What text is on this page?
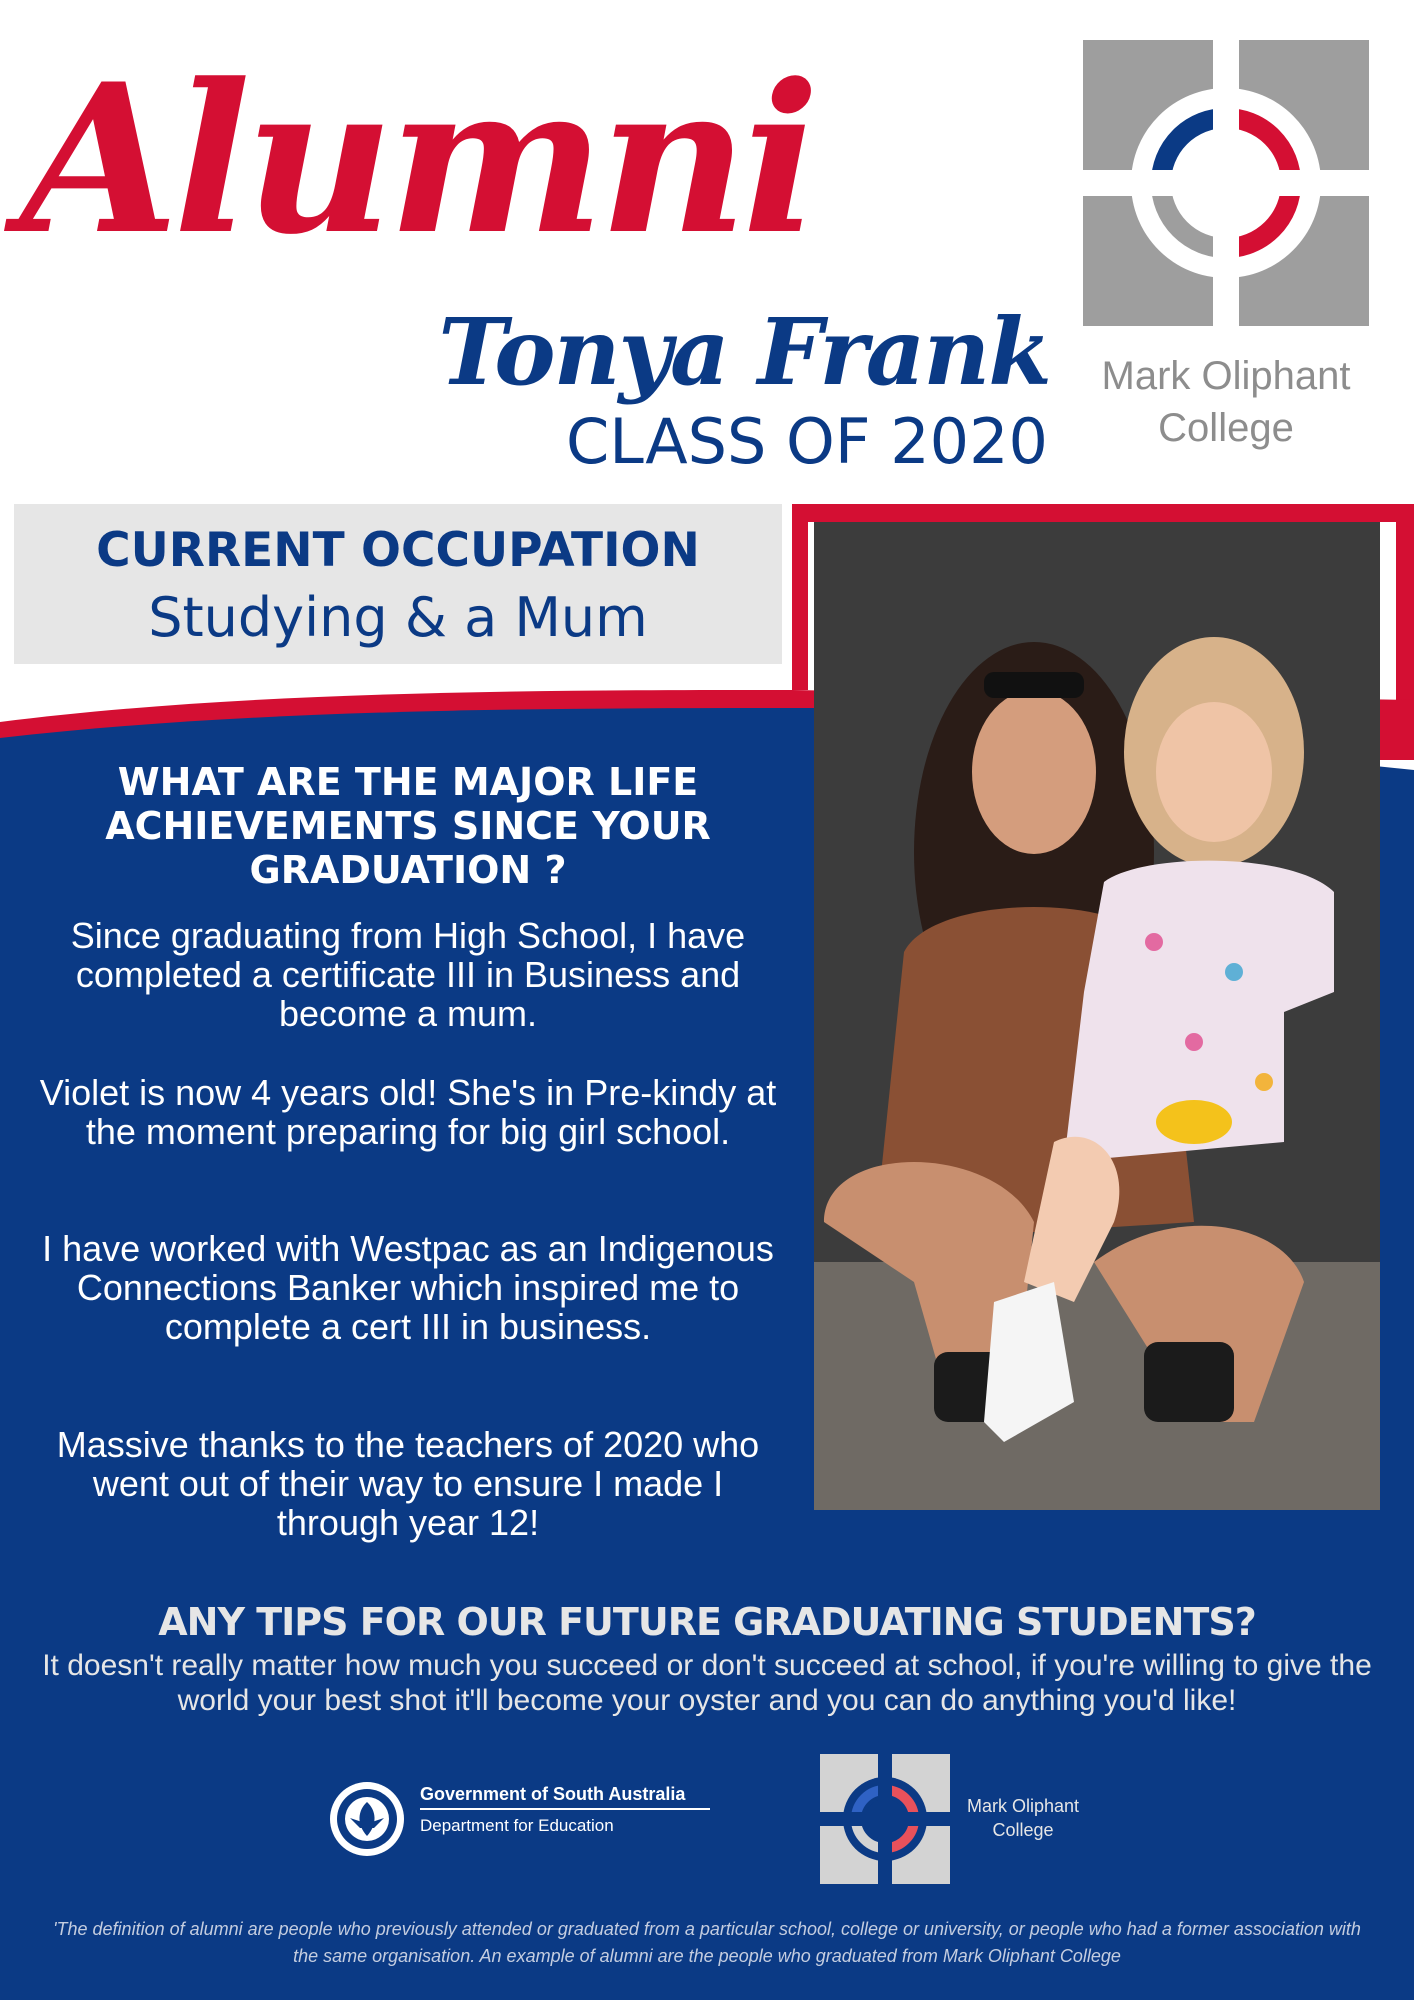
Alumni
Tonya Frank
CLASS OF 2020
Mark Oliphant College
CURRENT OCCUPATION
Studying & a Mum
WHAT ARE THE MAJOR LIFE ACHIEVEMENTS SINCE YOUR GRADUATION ?
Since graduating from High School, I have completed a certificate III in Business and become a mum.
Violet is now 4 years old! She's in Pre-kindy at the moment preparing for big girl school.
I have worked with Westpac as an Indigenous Connections Banker which inspired me to complete a cert III in business.
Massive thanks to the teachers of 2020 who went out of their way to ensure I made I through year 12!
ANY TIPS FOR OUR FUTURE GRADUATING STUDENTS?
It doesn't really matter how much you succeed or don't succeed at school, if you're willing to give the world your best shot it'll become your oyster and you can do anything you'd like!
Government of South Australia
Department for Education
Mark Oliphant College
'The definition of alumni are people who previously attended or graduated from a particular school, college or university, or people who had a former association with the same organisation. An example of alumni are the people who graduated from Mark Oliphant College
